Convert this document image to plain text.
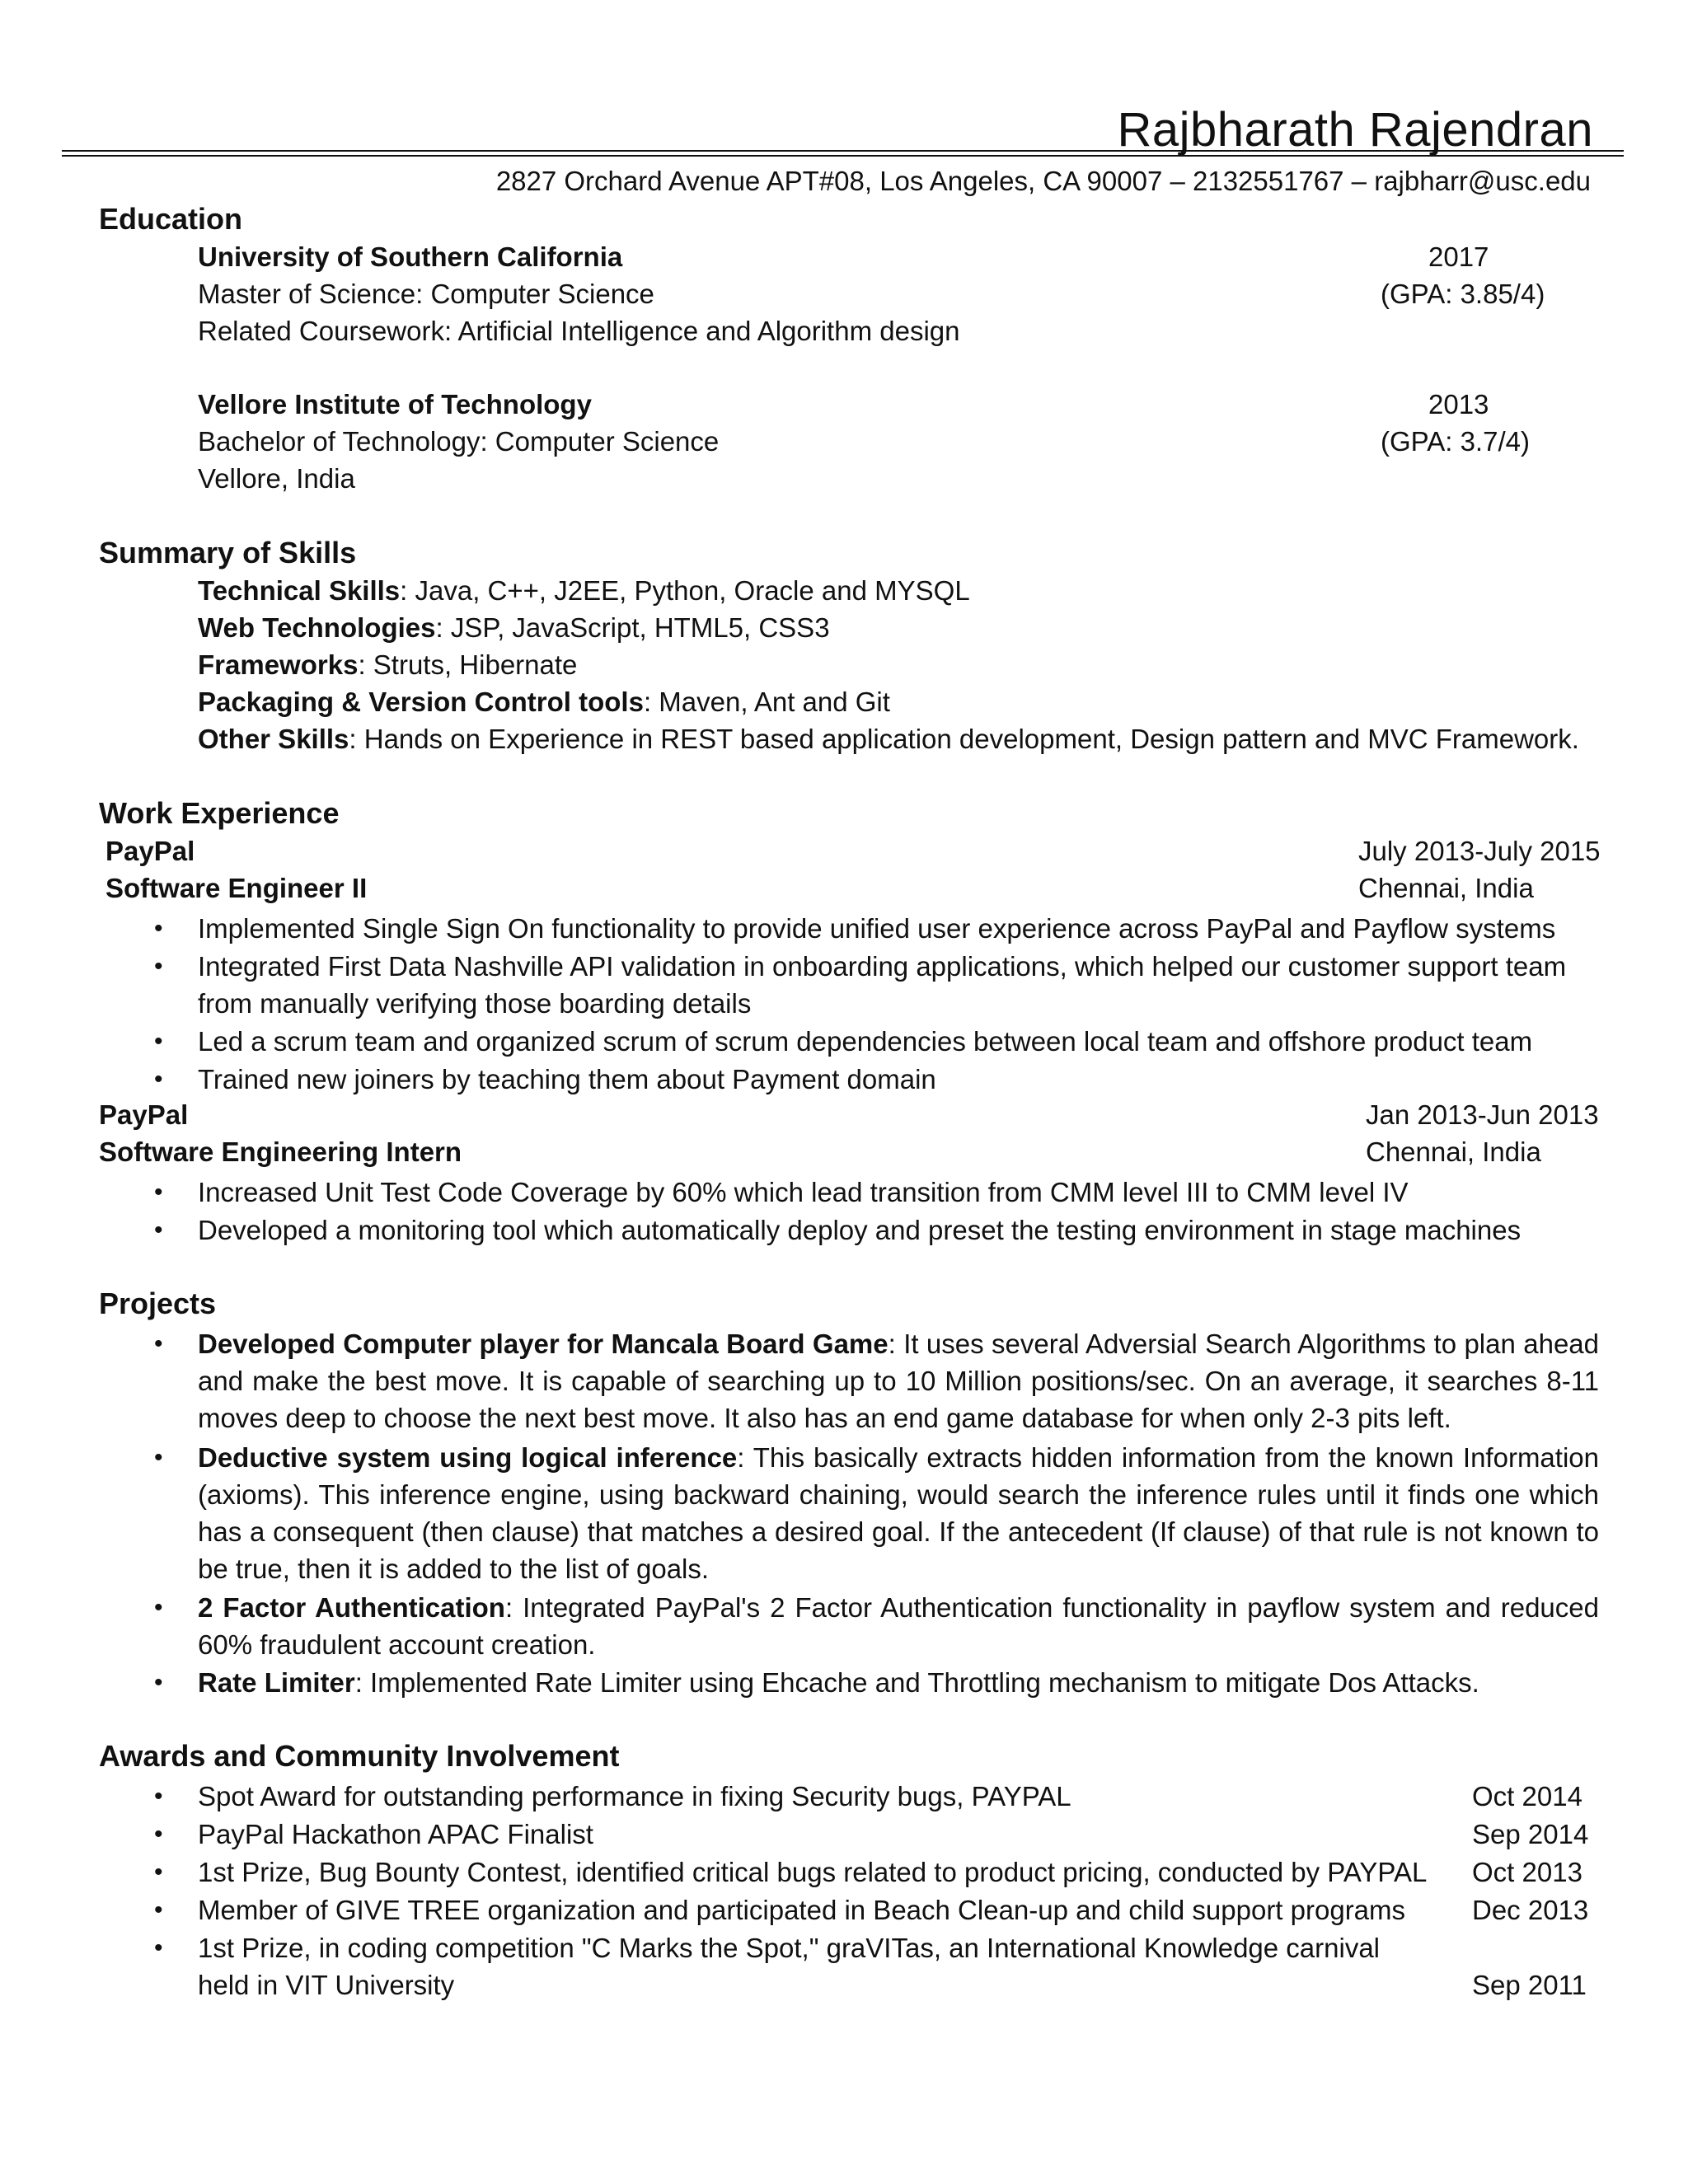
Rajbharath Rajendran
2827 Orchard Avenue APT#08, Los Angeles, CA 90007 – 2132551767 – rajbharr@usc.edu
Education
University of Southern California	2017
Master of Science: Computer Science	(GPA: 3.85/4)
Related Coursework: Artificial Intelligence and Algorithm design
Vellore Institute of Technology	2013
Bachelor of Technology: Computer Science	(GPA: 3.7/4)
Vellore, India
Summary of Skills
Technical Skills: Java, C++, J2EE, Python, Oracle and MYSQL
Web Technologies: JSP, JavaScript, HTML5, CSS3
Frameworks: Struts, Hibernate
Packaging & Version Control tools: Maven, Ant and Git
Other Skills: Hands on Experience in REST based application development, Design pattern and MVC Framework.
Work Experience
PayPal	July 2013-July 2015
Software Engineer II	Chennai, India
• Implemented Single Sign On functionality to provide unified user experience across PayPal and Payflow systems
• Integrated First Data Nashville API validation in onboarding applications, which helped our customer support team
from manually verifying those boarding details
• Led a scrum team and organized scrum of scrum dependencies between local team and offshore product team
• Trained new joiners by teaching them about Payment domain
PayPal	Jan 2013-Jun 2013
Software Engineering Intern	Chennai, India
• Increased Unit Test Code Coverage by 60% which lead transition from CMM level III to CMM level IV
• Developed a monitoring tool which automatically deploy and preset the testing environment in stage machines
Projects
• Developed Computer player for Mancala Board Game: It uses several Adversial Search Algorithms to plan ahead and make the best move. It is capable of searching up to 10 Million positions/sec. On an average, it searches 8-11 moves deep to choose the next best move. It also has an end game database for when only 2-3 pits left.
• Deductive system using logical inference: This basically extracts hidden information from the known Information (axioms). This inference engine, using backward chaining, would search the inference rules until it finds one which has a consequent (then clause) that matches a desired goal. If the antecedent (If clause) of that rule is not known to be true, then it is added to the list of goals.
• 2 Factor Authentication: Integrated PayPal's 2 Factor Authentication functionality in payflow system and reduced 60% fraudulent account creation.
• Rate Limiter: Implemented Rate Limiter using Ehcache and Throttling mechanism to mitigate Dos Attacks.
Awards and Community Involvement
• Spot Award for outstanding performance in fixing Security bugs, PAYPAL	Oct 2014
• PayPal Hackathon APAC Finalist	Sep 2014
• 1st Prize, Bug Bounty Contest, identified critical bugs related to product pricing, conducted by PAYPAL Oct 2013
• Member of GIVE TREE organization and participated in Beach Clean-up and child support programs Dec 2013
• 1st Prize, in coding competition "C Marks the Spot," graVITas, an International Knowledge carnival
held in VIT University	Sep 2011
